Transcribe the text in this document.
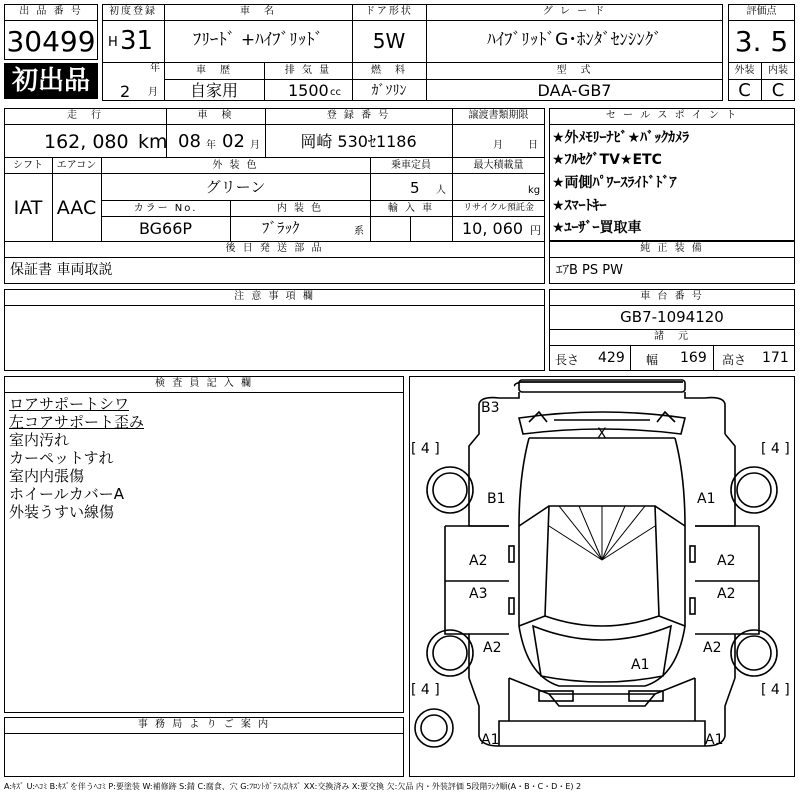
出 品 番 号
30499
初出品
初度登録
H 31
年
2 月
車　名
ﾌﾘｰﾄﾞ +ﾊｲﾌﾞﾘｯﾄﾞ
ドア形状
5W
グ レ ー ド
ﾊｲﾌﾞﾘｯﾄﾞG･ﾎﾝﾀﾞｾﾝｼﾝｸﾞ
車　歴
自家用
排 気 量
1500 cc
燃　料
ｶﾞｿﾘﾝ
型　式
DAA-GB7
評価点
3. 5
外装	内装
C	C
走　行
162, 080 km
車　検
08 年 02 月
登 録 番 号
岡崎 530ｾ1186
譲渡書類期限
月	日
シフト
IAT
エアコン
AAC
外 装 色
グリーン
乗車定員
5 人
最大積載量
kg
カラー No.
BG66P
内 装 色
ﾌﾞﾗｯｸ	系
輸 入 車	リサイクル預託金
10, 060 円
後 日 発 送 部 品
保証書 車両取説
セ ー ル ス ポ イ ン ト
★外ﾒﾓﾘｰﾅﾋﾞ★ﾊﾞｯｸｶﾒﾗ
★ﾌﾙｾｸﾞTV★ETC
★両側ﾊﾟﾜｰｽﾗｲﾄﾞﾄﾞｱ
★ｽﾏｰﾄｷｰ
★ﾕｰｻﾞｰ買取車
純 正 装 備
ｴｱB PS PW
注 意 事 項 欄	車 台 番 号
GB7-1094120
諸　元
長さ 429 幅 169 高さ 171
検 査 員 記 入 欄
ロアサポートシワ
左コアサポート歪み
室内汚れ
カーペットすれ
室内内張傷
ホイールカバーA
外装うすい線傷
事 務 局 よ り ご 案 内
B3
X
[ 4 ]	[ 4 ]
[ 4 ]	[ 4 ]
B1	A1
A2	A2
A3	A2
A2	A2
A1
A1	A1
A:ｷｽﾞ U:ﾍｺﾐ B:ｷｽﾞを伴うﾍｺﾐ P:要塗装 W:補修跡 S:錆 C:腐食、穴 G:ﾌﾛﾝﾄｶﾞﾗｽ点ｷｽﾞ XX:交換済み X:要交換 欠:欠品 内・外装評価 5段階ﾗﾝｸ順(A・B・C・D・E) 2
